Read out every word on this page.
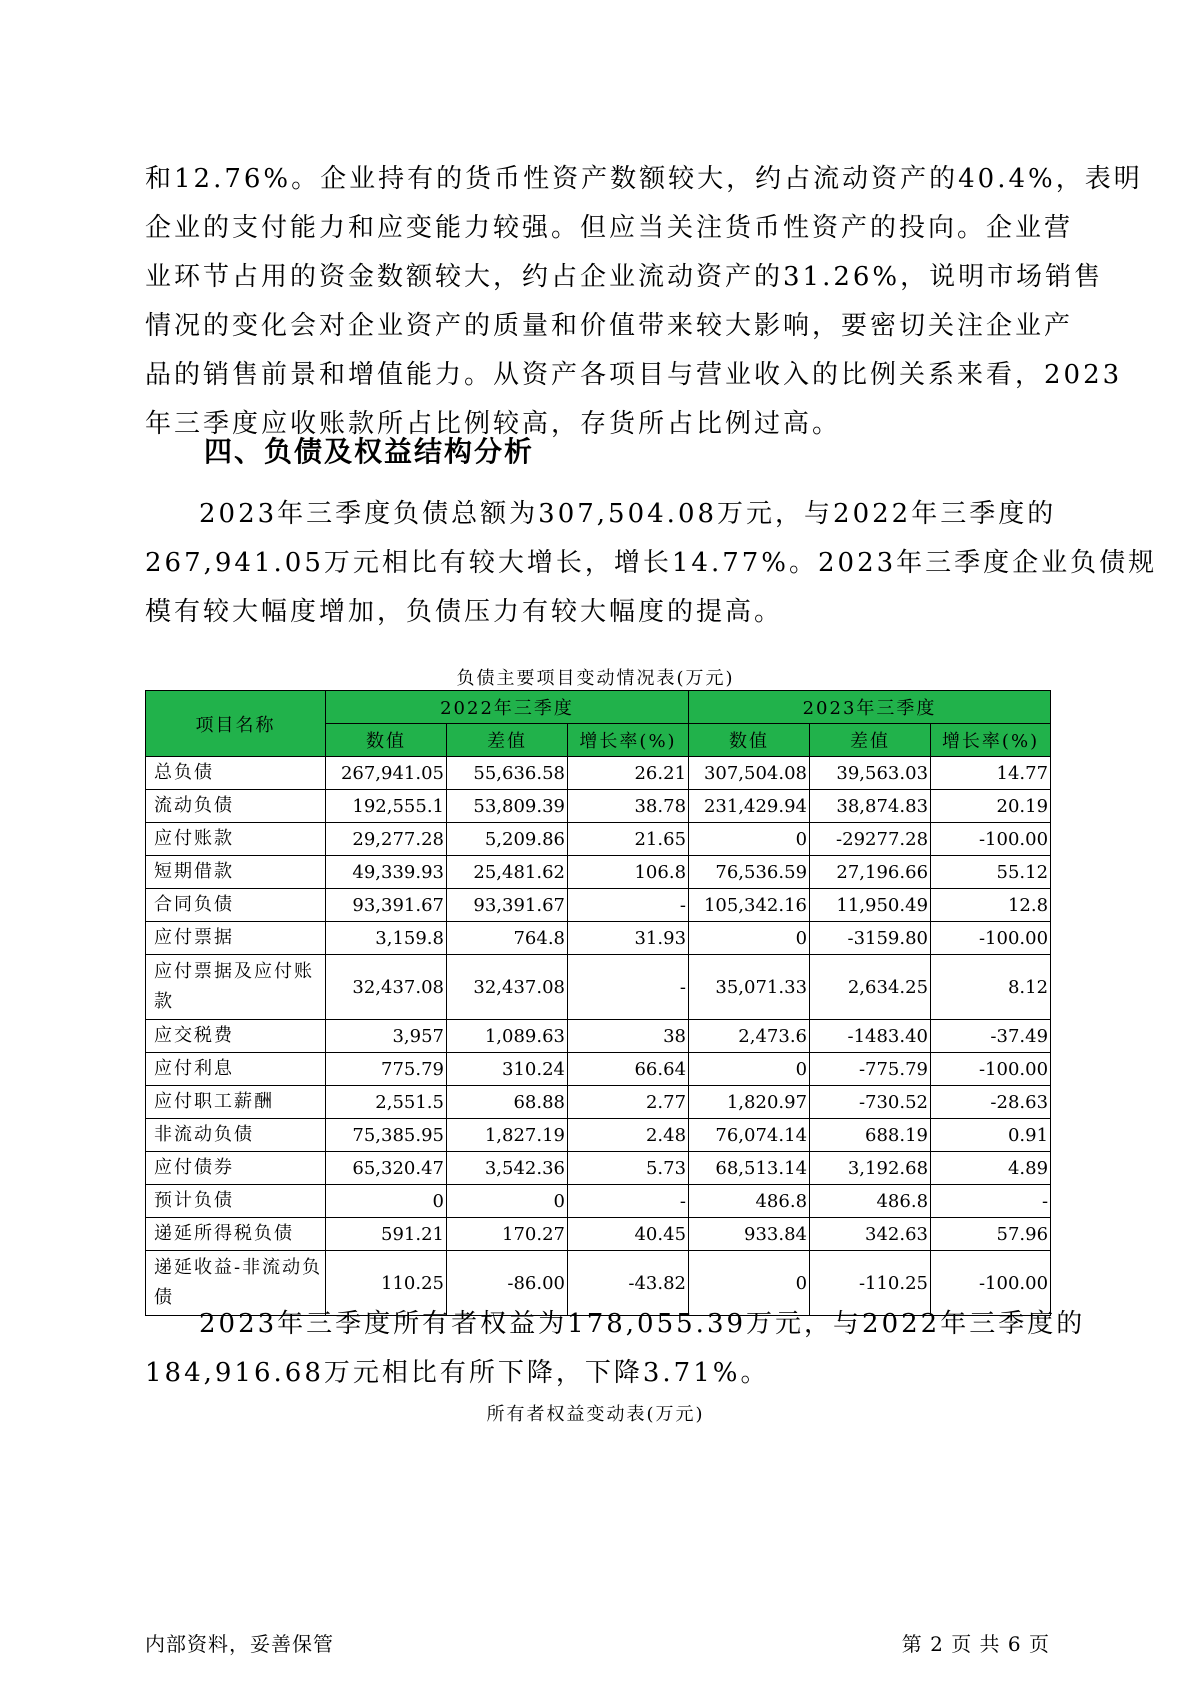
和12.76%。企业持有的货币性资产数额较大，约占流动资产的40.4%，表明
企业的支付能力和应变能力较强。但应当关注货币性资产的投向。企业营
业环节占用的资金数额较大，约占企业流动资产的31.26%，说明市场销售
情况的变化会对企业资产的质量和价值带来较大影响，要密切关注企业产
品的销售前景和增值能力。从资产各项目与营业收入的比例关系来看，2023
年三季度应收账款所占比例较高，存货所占比例过高。
四、负债及权益结构分析
2023年三季度负债总额为307,504.08万元，与2022年三季度的
267,941.05万元相比有较大增长，增长14.77%。2023年三季度企业负债规
模有较大幅度增加，负债压力有较大幅度的提高。
负债主要项目变动情况表(万元)
项目名称	2022年三季度			2023年三季度		
	数值	差值	增长率(%)	数值	差值	增长率(%)
总负债	267,941.05	55,636.58	26.21	307,504.08	39,563.03	14.77
流动负债	192,555.1	53,809.39	38.78	231,429.94	38,874.83	20.19
应付账款	29,277.28	5,209.86	21.65	0	-29277.28	-100.00
短期借款	49,339.93	25,481.62	106.8	76,536.59	27,196.66	55.12
合同负债	93,391.67	93,391.67	-	105,342.16	11,950.49	12.8
应付票据	3,159.8	764.8	31.93	0	-3159.80	-100.00
应付票据及应付账款	32,437.08	32,437.08	-	35,071.33	2,634.25	8.12
应交税费	3,957	1,089.63	38	2,473.6	-1483.40	-37.49
应付利息	775.79	310.24	66.64	0	-775.79	-100.00
应付职工薪酬	2,551.5	68.88	2.77	1,820.97	-730.52	-28.63
非流动负债	75,385.95	1,827.19	2.48	76,074.14	688.19	0.91
应付债券	65,320.47	3,542.36	5.73	68,513.14	3,192.68	4.89
预计负债	0	0	-	486.8	486.8	-
递延所得税负债	591.21	170.27	40.45	933.84	342.63	57.96
递延收益-非流动负债	110.25	-86.00	-43.82	0	-110.25	-100.00
2023年三季度所有者权益为178,055.39万元，与2022年三季度的
184,916.68万元相比有所下降，下降3.71%。
所有者权益变动表(万元)
内部资料，妥善保管	第 2 页 共 6 页
